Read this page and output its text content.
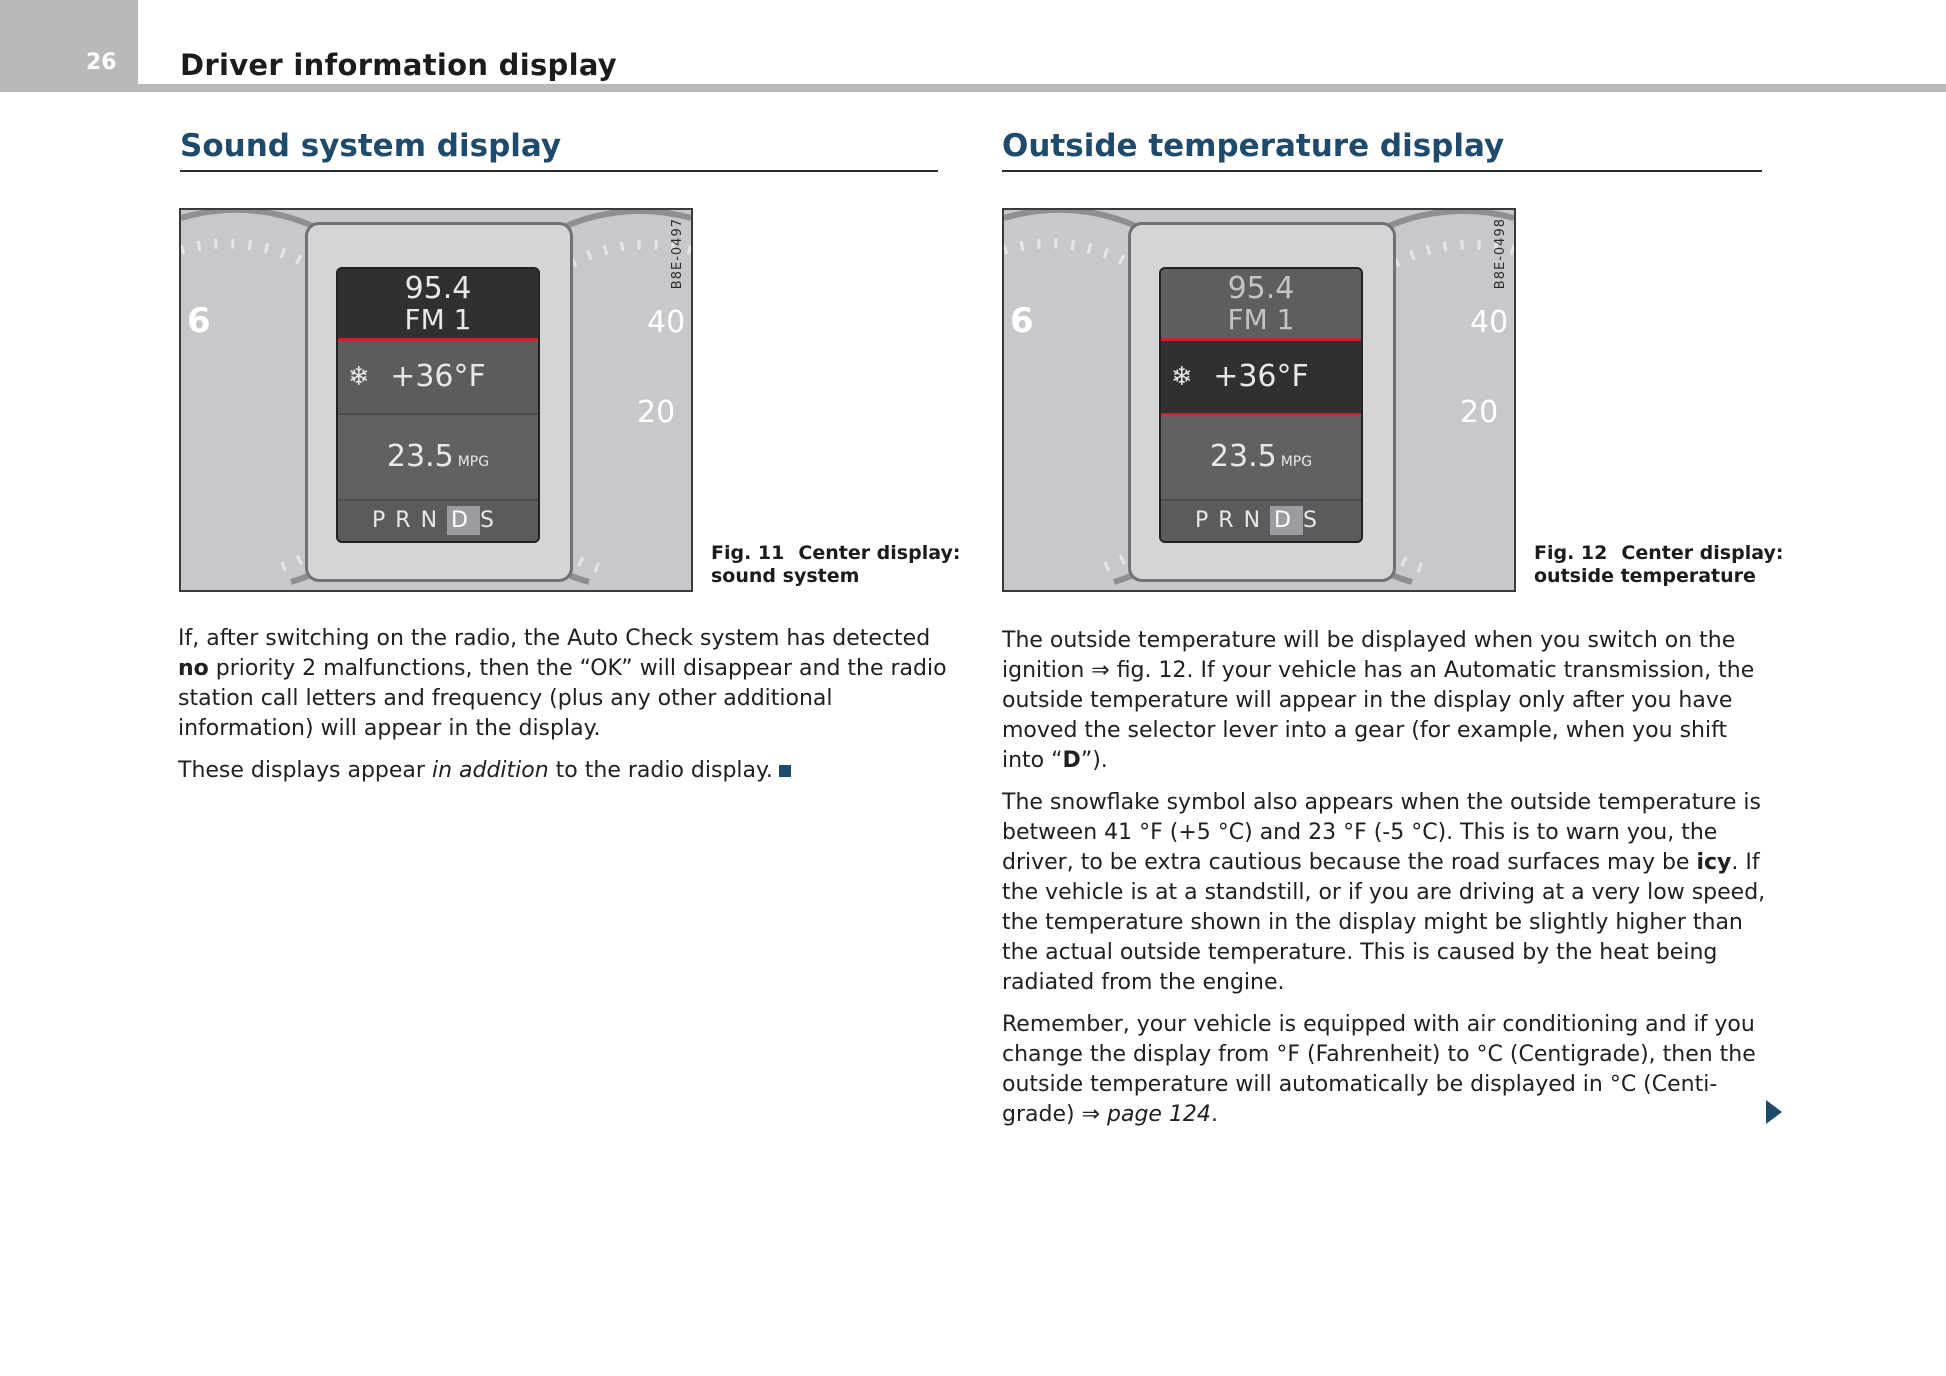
26 Driver information display
Sound system display	Outside temperature display
6	40
20
95.4
FM 1
❄ +36°F
23.5 MPG
PRN DS
B8E-0497
Fig. 11 Center display:
sound system
6	40
20
95.4
FM 1
❄ +36°F
23.5 MPG
PRN DS
B8E-0498
Fig. 12 Center display:
outside temperature

If, after switching on the radio, the Auto Check system has detected no priority 2 malfunctions, then the “OK” will disappear and the radio station call letters and frequency (plus any other additional information) will appear in the display.

These displays appear in addition to the radio display.

The outside temperature will be displayed when you switch on the ignition ⇒ fig. 12. If your vehicle has an Automatic transmission, the outside temperature will appear in the display only after you have moved the selector lever into a gear (for example, when you shift into “D”).

The snowflake symbol also appears when the outside temperature is between 41 °F (+5 °C) and 23 °F (-5 °C). This is to warn you, the driver, to be extra cautious because the road surfaces may be icy. If the vehicle is at a standstill, or if you are driving at a very low speed, the temperature shown in the display might be slightly higher than the actual outside temperature. This is caused by the heat being radiated from the engine.

Remember, your vehicle is equipped with air conditioning and if you change the display from °F (Fahrenheit) to °C (Centigrade), then the outside temperature will automatically be displayed in °C (Centi-grade) ⇒ page 124.
